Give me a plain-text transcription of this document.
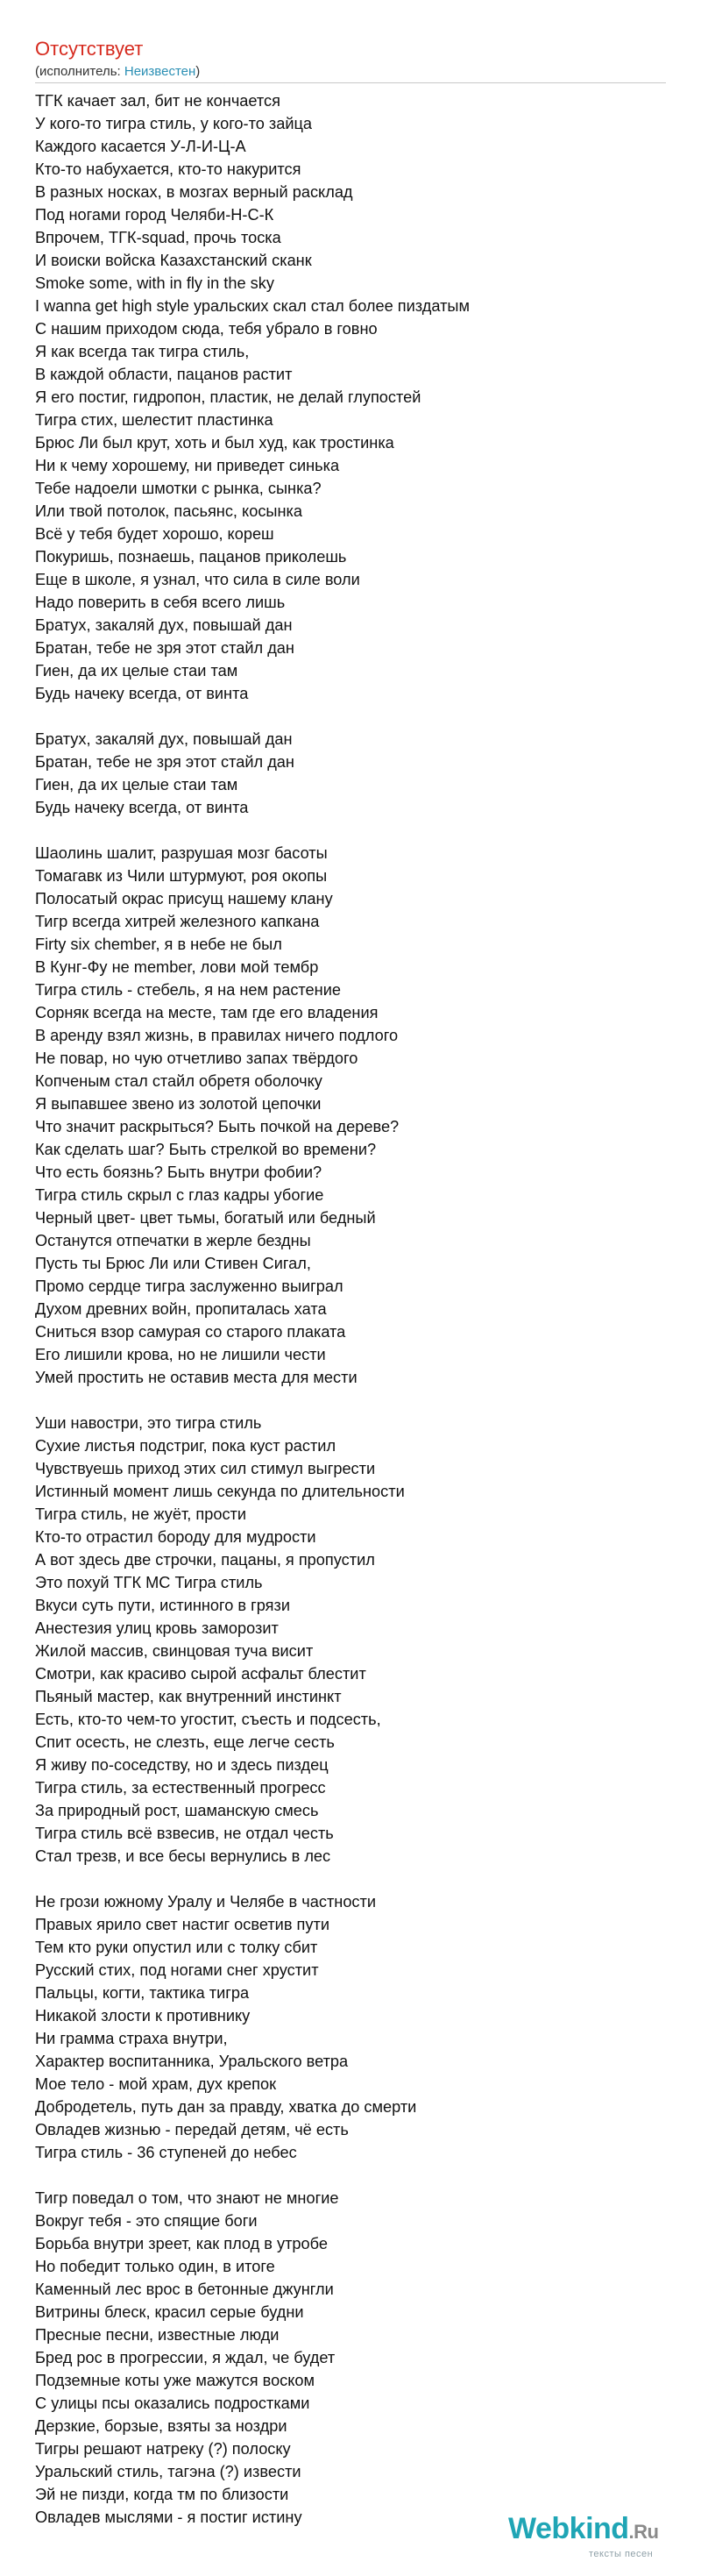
Отсутствует
(исполнитель: Неизвестен)
ТГК качает зал, бит не кончается
У кого-то тигра стиль, у кого-то зайца
Каждого касается У-Л-И-Ц-А
Кто-то набухается, кто-то накурится
В разных носках, в мозгах верный расклад
Под ногами город Челяби-Н-С-К
Впрочем, ТГК-squad, прочь тоска
И воиски войска Казахстанский сканк
Smoke some, with in fly in the sky
I wanna get high style уральских скал стал более пиздатым
С нашим приходом сюда, тебя убрало в говно
Я как всегда так тигра стиль,
В каждой области, пацанов растит
Я его постиг, гидропон, пластик, не делай глупостей
Тигра стих, шелестит пластинка
Брюс Ли был крут, хоть и был худ, как тростинка
Ни к чему хорошему, ни приведет синька
Тебе надоели шмотки с рынка, сынка?
Или твой потолок, пасьянс, косынка
Всё у тебя будет хорошо, кореш
Покуришь, познаешь, пацанов приколешь
Еще в школе, я узнал, что сила в силе воли
Надо поверить в себя всего лишь
Братух, закаляй дух, повышай дан
Братан, тебе не зря этот стайл дан
Гиен, да их целые стаи там
Будь начеку всегда, от винта
Братух, закаляй дух, повышай дан
Братан, тебе не зря этот стайл дан
Гиен, да их целые стаи там
Будь начеку всегда, от винта
Шаолинь шалит, разрушая мозг басоты
Томагавк из Чили штурмуют, роя окопы
Полосатый окрас присущ нашему клану
Тигр всегда хитрей железного капкана
Firty six chember, я в небе не был
В Кунг-Фу не member, лови мой тембр
Тигра стиль - стебель, я на нем растение
Сорняк всегда на месте, там где его владения
В аренду взял жизнь, в правилах ничего подлого
Не повар, но чую отчетливо запах твёрдого
Копченым стал стайл обретя оболочку
Я выпавшее звено из золотой цепочки
Что значит раскрыться? Быть почкой на дереве?
Как сделать шаг? Быть стрелкой во времени?
Что есть боязнь? Быть внутри фобии?
Тигра стиль скрыл с глаз кадры убогие
Черный цвет- цвет тьмы, богатый или бедный
Останутся отпечатки в жерле бездны
Пусть ты Брюс Ли или Стивен Сигал,
Промо сердце тигра заслуженно выиграл
Духом древних войн, пропиталась хата
Сниться взор самурая со старого плаката
Его лишили крова, но не лишили чести
Умей простить не оставив места для мести
Уши навостри, это тигра стиль
Сухие листья подстриг, пока куст растил
Чувствуешь приход этих сил стимул выгрести
Истинный момент лишь секунда по длительности
Тигра стиль, не жуёт, прости
Кто-то отрастил бороду для мудрости
А вот здесь две строчки, пацаны, я пропустил
Это похуй ТГК МС Тигра стиль
Вкуси суть пути, истинного в грязи
Анестезия улиц кровь заморозит
Жилой массив, свинцовая туча висит
Смотри, как красиво сырой асфальт блестит
Пьяный мастер, как внутренний инстинкт
Есть, кто-то чем-то угостит, съесть и подсесть,
Спит осесть, не слезть, еще легче сесть
Я живу по-соседству, но и здесь пиздец
Тигра стиль, за естественный прогресс
За природный рост, шаманскую смесь
Тигра стиль всё взвесив, не отдал честь
Стал трезв, и все бесы вернулись в лес
Не грози южному Уралу и Челябе в частности
Правых ярило свет настиг осветив пути
Тем кто руки опустил или с толку сбит
Русский стих, под ногами снег хрустит
Пальцы, когти, тактика тигра
Никакой злости к противнику
Ни грамма страха внутри,
Характер воспитанника, Уральского ветра
Мое тело - мой храм, дух крепок
Добродетель, путь дан за правду, хватка до смерти
Овладев жизнью - передай детям, чё есть
Тигра стиль - 36 ступеней до небес
Тигр поведал о том, что знают не многие
Вокруг тебя - это спящие боги
Борьба внутри зреет, как плод в утробе
Но победит только один, в итоге
Каменный лес врос в бетонные джунгли
Витрины блеск, красил серые будни
Пресные песни, известные люди
Бред рос в прогрессии, я ждал, че будет
Подземные коты уже мажутся воском
С улицы псы оказались подростками
Дерзкие, борзые, взяты за ноздри
Тигры решают натреку (?) полоску
Уральский стиль, тагэна (?) извести
Эй не пизди, когда тм по близости
Овладев мыслями - я постиг истину	Webkind.Ru
тексты песен
